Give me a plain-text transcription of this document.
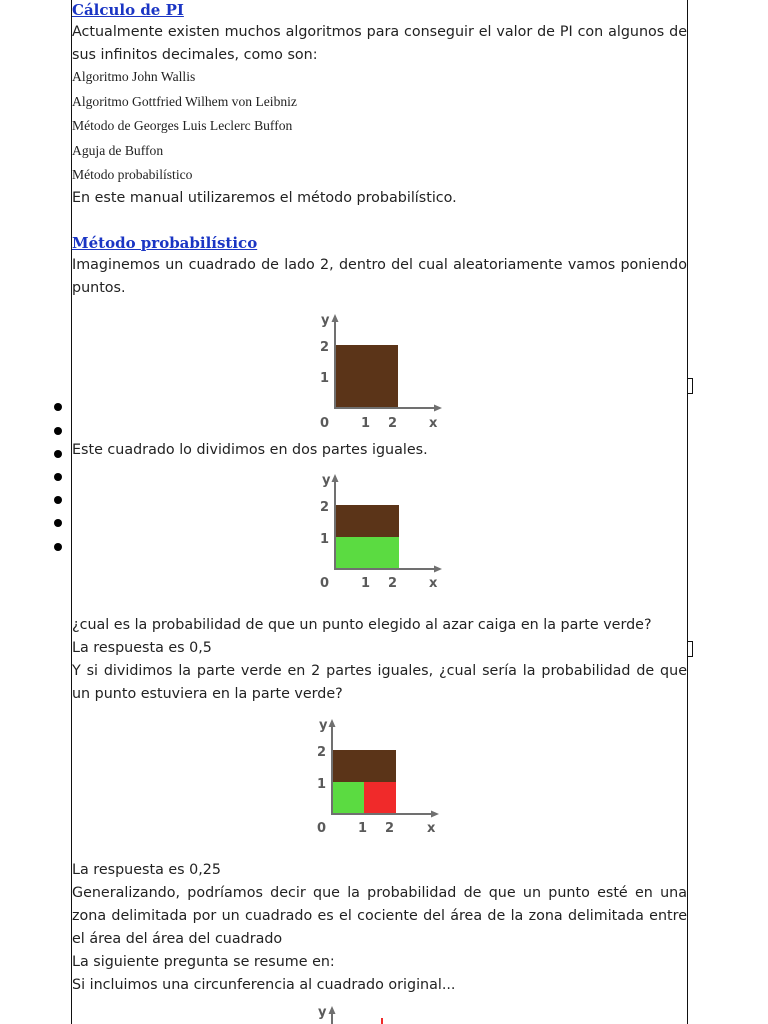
Cálculo de PI

Actualmente existen muchos algoritmos para conseguir el valor de PI con algunos de sus infinitos decimales, como son:

Algoritmo John Wallis
Algoritmo Gottfried Wilhem von Leibniz
Método de Georges Luis Leclerc Buffon
Aguja de Buffon
Método probabilístico
En este manual utilizaremos el método probabilístico.
Método probabilístico

Imaginemos un cuadrado de lado 2, dentro del cual aleatoriamente vamos poniendo puntos.

Este cuadrado lo dividimos en dos partes iguales.
¿cual es la probabilidad de que un punto elegido al azar caiga en la parte verde?
La respuesta es 0,5

Y si dividimos la parte verde en 2 partes iguales, ¿cual sería la probabilidad de que un punto estuviera en la parte verde?

La respuesta es 0,25

Generalizando, podríamos decir que la probabilidad de que un punto esté en una zona delimitada por un cuadrado es el cociente del área de la zona delimitada entre el área del área del cuadrado

La siguiente pregunta se resume en:
Si incluimos una circunferencia al cuadrado original...
y
2
1
0 1 2 x
y
2
1
0 1 2 x
y
2
1
0 1 2	x
y
